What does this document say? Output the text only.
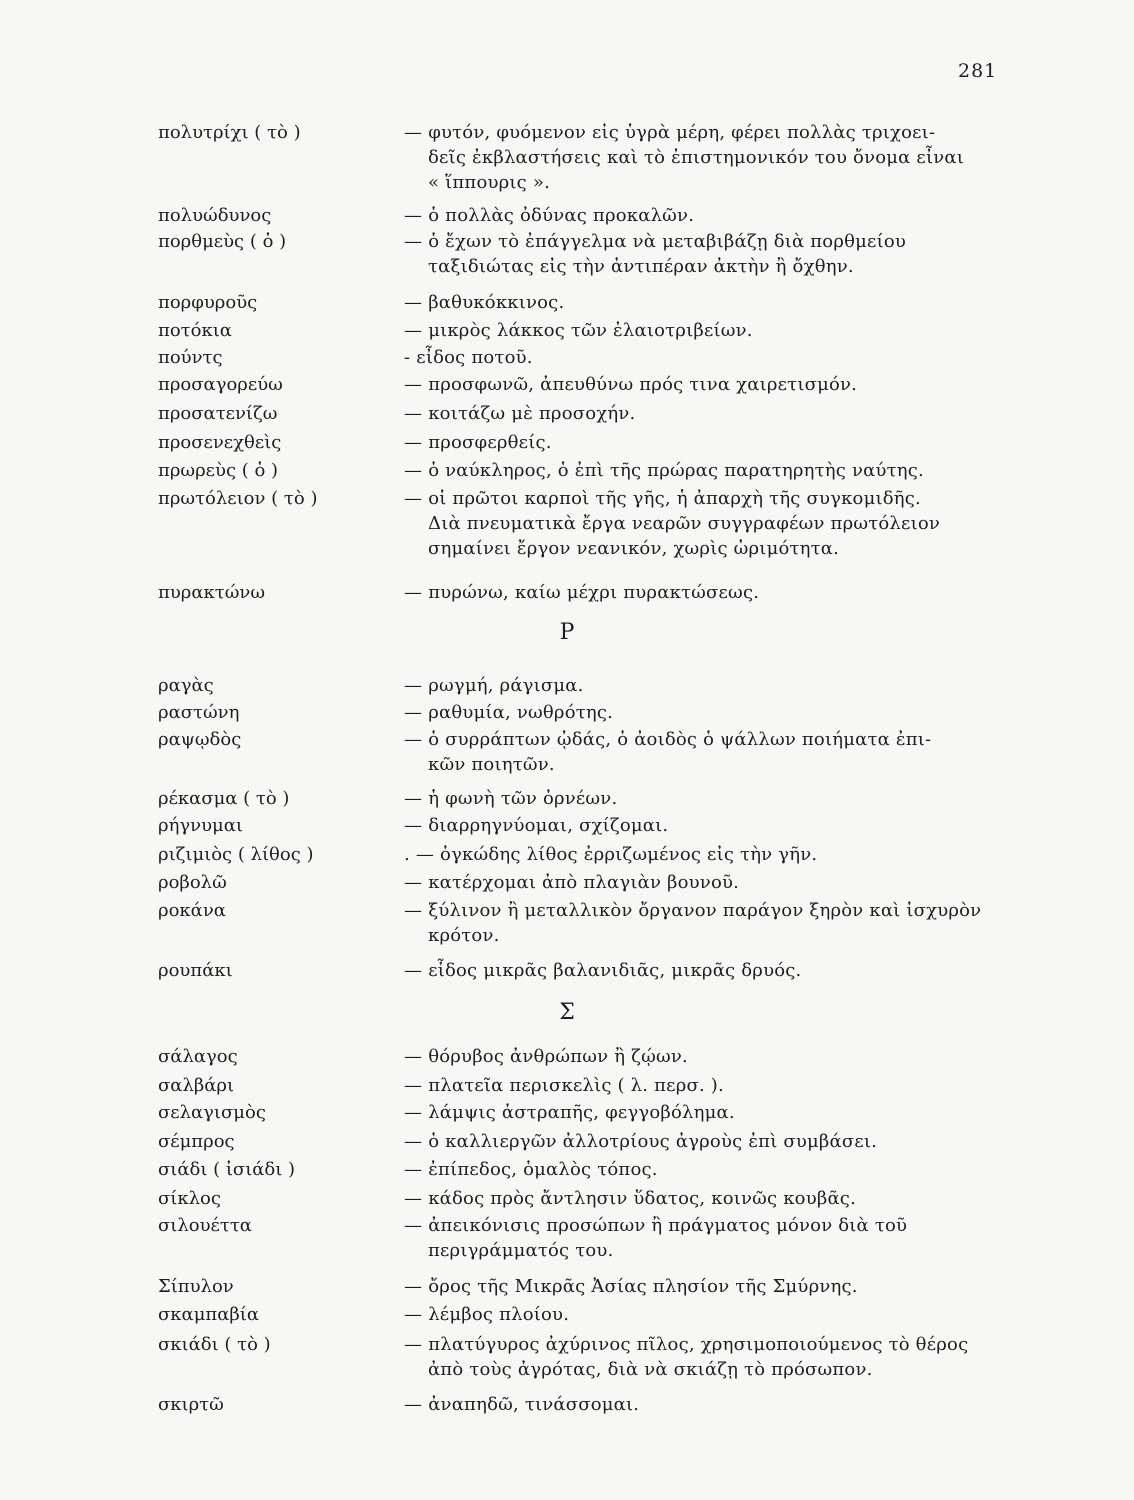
281
πολυτρίχι ( τὸ )	— φυτόν, φυόμενον εἰς ὑγρὰ μέρη, φέρει πολλὰς τριχοει-
δεῖς ἐκβλαστήσεις καὶ τὸ ἐπιστημονικόν του ὄνομα εἶναι
« ἵππουρις ».
πολυώδυνος	— ὁ πολλὰς ὀδύνας προκαλῶν.
πορθμεὺς ( ὁ )	— ὁ ἔχων τὸ ἐπάγγελμα νὰ μεταβιβάζῃ διὰ πορθμείου
ταξιδιώτας εἰς τὴν ἀντιπέραν ἀκτὴν ἢ ὄχθην.
πορφυροῦς	— βαθυκόκκινος.
ποτόκια	— μικρὸς λάκκος τῶν ἐλαιοτριβείων.
πούντς	- εἶδος ποτοῦ.
προσαγορεύω	— προσφωνῶ, ἀπευθύνω πρός τινα χαιρετισμόν.
προσατενίζω	— κοιτάζω μὲ προσοχήν.
προσενεχθεὶς	— προσφερθείς.
πρωρεὺς ( ὁ )	— ὁ ναύκληρος, ὁ ἐπὶ τῆς πρώρας παρατηρητὴς ναύτης.
πρωτόλειον ( τὸ )	— οἱ πρῶτοι καρποὶ τῆς γῆς, ἡ ἀπαρχὴ τῆς συγκομιδῆς.
Διὰ πνευματικὰ ἔργα νεαρῶν συγγραφέων πρωτόλειον
σημαίνει ἔργον νεανικόν, χωρὶς ὡριμότητα.
πυρακτώνω	— πυρώνω, καίω μέχρι πυρακτώσεως.
Ρ
ραγὰς	— ρωγμή, ράγισμα.
ραστώνη	— ραθυμία, νωθρότης.
ραψῳδὸς	— ὁ συρράπτων ᾠδάς, ὁ ἀοιδὸς ὁ ψάλλων ποιήματα ἐπι-
κῶν ποιητῶν.
ρέκασμα ( τὸ )	— ἡ φωνὴ τῶν ὀρνέων.
ρήγνυμαι	— διαρρηγνύομαι, σχίζομαι.
ριζιμιὸς ( λίθος )	. — ὀγκώδης λίθος ἐρριζωμένος εἰς τὴν γῆν.
ροβολῶ	— κατέρχομαι ἀπὸ πλαγιὰν βουνοῦ.
ροκάνα	— ξύλινον ἢ μεταλλικὸν ὄργανον παράγον ξηρὸν καὶ ἰσχυρὸν
κρότον.
ρουπάκι	— εἶδος μικρᾶς βαλανιδιᾶς, μικρᾶς δρυός.
Σ
σάλαγος	— θόρυβος ἀνθρώπων ἢ ζῴων.
σαλβάρι	— πλατεῖα περισκελὶς ( λ. περσ. ).
σελαγισμὸς	— λάμψις ἀστραπῆς, φεγγοβόλημα.
σέμπρος	— ὁ καλλιεργῶν ἀλλοτρίους ἀγροὺς ἐπὶ συμβάσει.
σιάδι ( ἰσιάδι )	— ἐπίπεδος, ὁμαλὸς τόπος.
σίκλος	— κάδος πρὸς ἄντλησιν ὕδατος, κοινῶς κουβᾶς.
σιλουέττα	— ἀπεικόνισις προσώπων ἢ πράγματος μόνον διὰ τοῦ
περιγράμματός του.
Σίπυλον	— ὄρος τῆς Μικρᾶς Ἀσίας πλησίον τῆς Σμύρνης.
σκαμπαβία	— λέμβος πλοίου.
σκιάδι ( τὸ )	— πλατύγυρος ἀχύρινος πῖλος, χρησιμοποιούμενος τὸ θέρος
ἀπὸ τοὺς ἀγρότας, διὰ νὰ σκιάζῃ τὸ πρόσωπον.
σκιρτῶ	— ἀναπηδῶ, τινάσσομαι.
